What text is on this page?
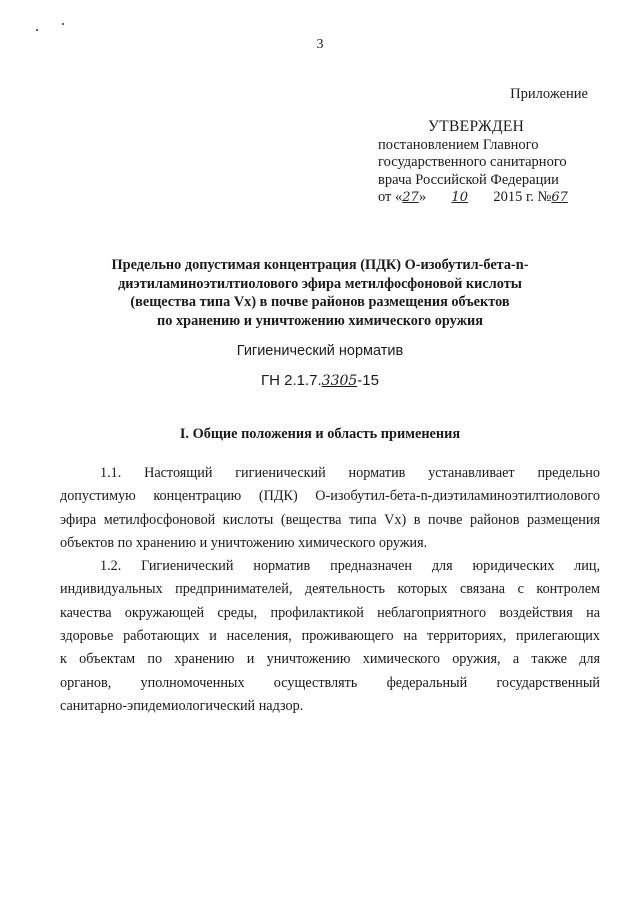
3
Приложение
УТВЕРЖДЕН
постановлением Главного
государственного санитарного
врача Российской Федерации
от «27» 10 2015 г. №67
Предельно допустимая концентрация (ПДК) О-изобутил-бета-n-
диэтиламиноэтилтиолового эфира метилфосфоновой кислоты
(вещества типа Vx) в почве районов размещения объектов
по хранению и уничтожению химического оружия
Гигиенический норматив
ГН 2.1.7.3305-15
I. Общие положения и область применения
1.1. Настоящий гигиенический норматив устанавливает предельно
допустимую концентрацию (ПДК) О-изобутил-бета-n-диэтиламиноэтилтиолового
эфира метилфосфоновой кислоты (вещества типа Vx) в почве районов размещения
объектов по хранению и уничтожению химического оружия.
1.2. Гигиенический норматив предназначен для юридических лиц,
индивидуальных предпринимателей, деятельность которых связана с контролем
качества окружающей среды, профилактикой неблагоприятного воздействия на
здоровье работающих и населения, проживающего на территориях, прилегающих
к объектам по хранению и уничтожению химического оружия, а также для
органов, уполномоченных осуществлять федеральный государственный
санитарно-эпидемиологический надзор.
